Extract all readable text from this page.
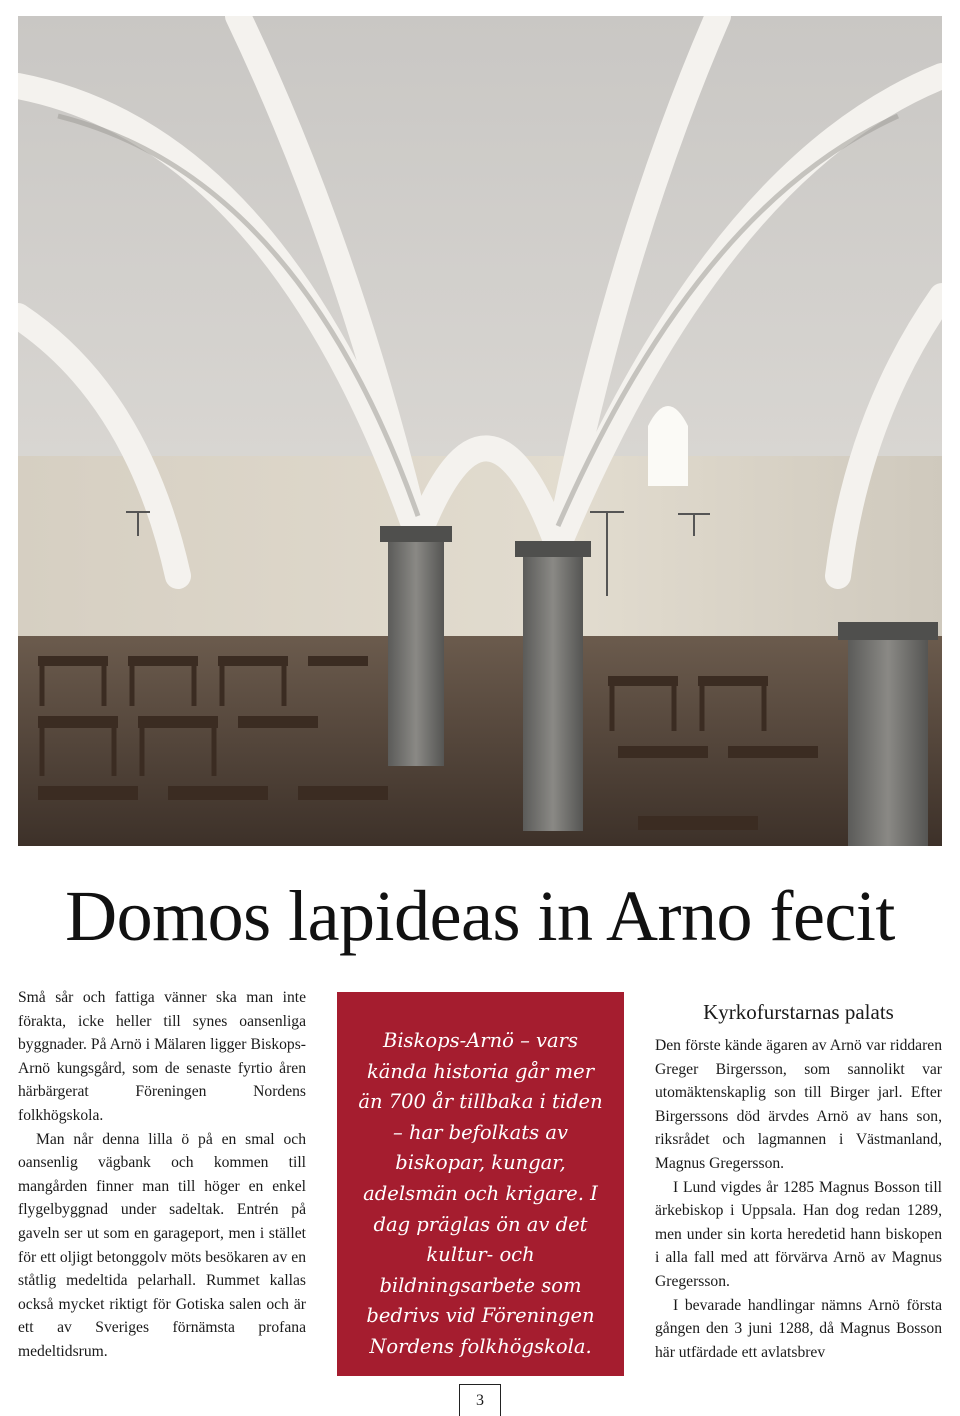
Domos lapideas in Arno fecit

Små sår och fattiga vänner ska man inte förakta, icke heller till synes oansenliga byggnader. På Arnö i Mälaren ligger Biskops-Arnö kungsgård, som de senaste fyrtio åren härbärgerat Föreningen Nordens folkhögskola.

Man når denna lilla ö på en smal och oansenlig vägbank och kommen till mangården finner man till höger en enkel flygelbyggnad under sadeltak. Entrén på gaveln ser ut som en garageport, men i stället för ett oljigt betonggolv möts besökaren av en ståtlig medeltida pelarhall. Rummet kallas också mycket riktigt för Gotiska salen och är ett av Sveriges förnämsta profana medeltidsrum.

Biskops-Arnö – vars kända historia går mer än 700 år tillbaka i tiden – har befolkats av biskopar, kungar, adelsmän och krigare. I dag präglas ön av det kultur- och bildningsarbete som bedrivs vid Föreningen Nordens folkhögskola.

Kyrkofurstarnas palats

Den förste kände ägaren av Arnö var riddaren Greger Birgersson, som sannolikt var utomäktenskaplig son till Birger jarl. Efter Birgerssons död ärvdes Arnö av hans son, riksrådet och lagmannen i Västmanland, Magnus Gregersson.

I Lund vigdes år 1285 Magnus Bosson till ärkebiskop i Uppsala. Han dog redan 1289, men under sin korta heredetid hann biskopen i alla fall med att förvärva Arnö av Magnus Gregersson.

I bevarade handlingar nämns Arnö första gången den 3 juni 1288, då Magnus Bosson här utfärdade ett avlatsbrev

3
